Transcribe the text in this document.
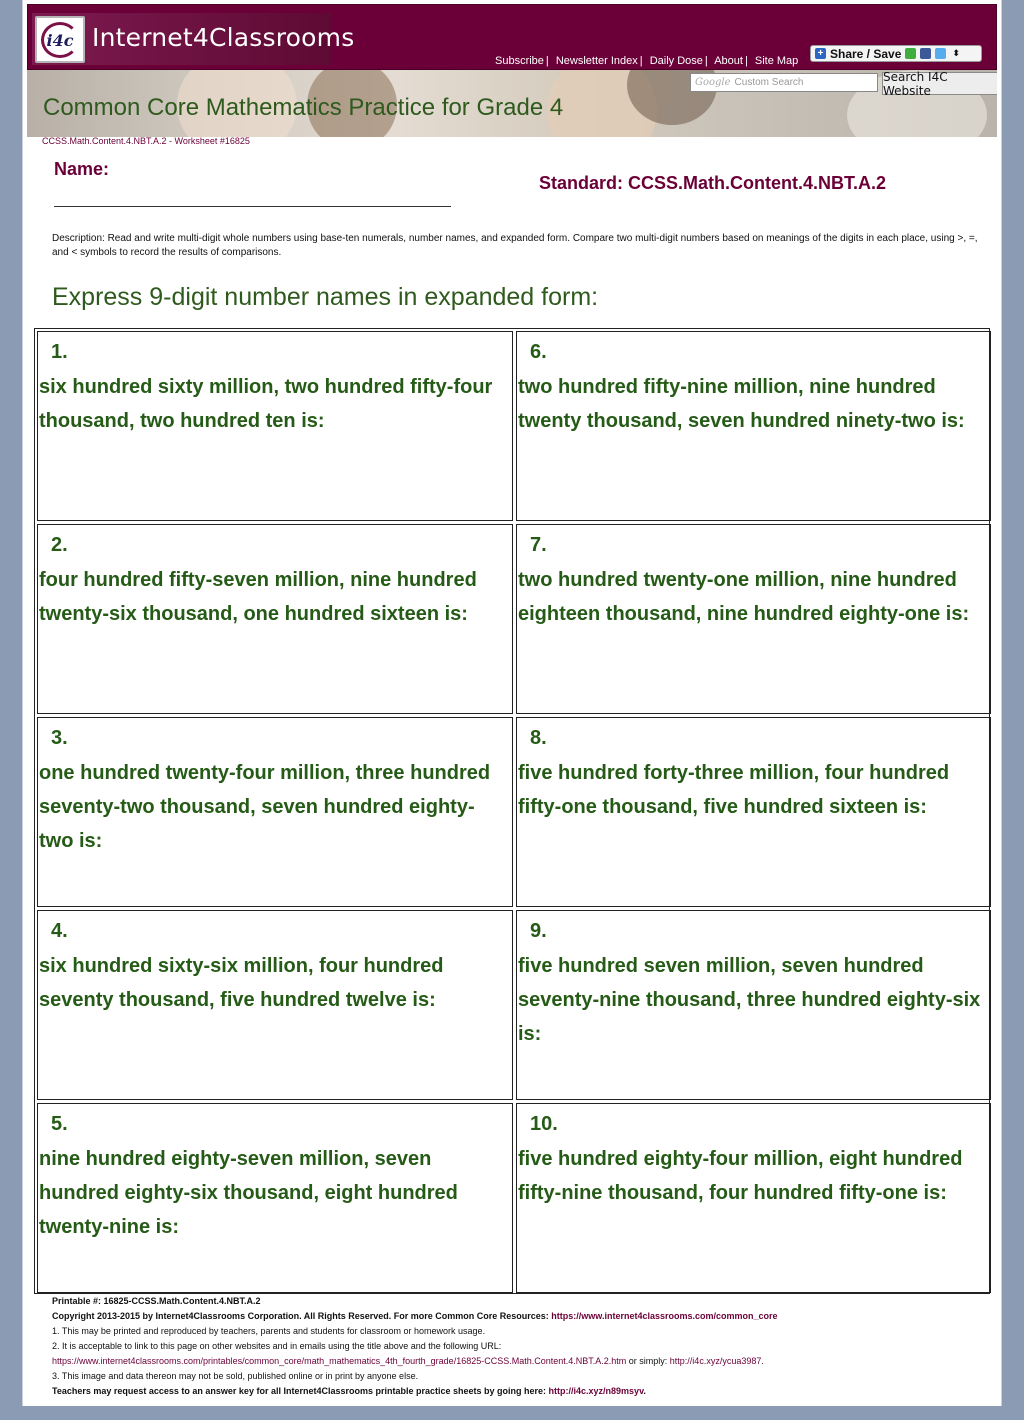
i4c Internet4Classrooms
Subscribe | Newsletter Index | Daily Dose | About | Site Map
+ Share / Save	⬍
Common Core Mathematics Practice for Grade 4
Google Custom Search	Search I4C Website
CCSS.Math.Content.4.NBT.A.2 - Worksheet #16825
Name:
Standard: CCSS.Math.Content.4.NBT.A.2
Description: Read and write multi-digit whole numbers using base-ten numerals, number names, and expanded form. Compare two multi-digit numbers based on meanings of the digits in each place, using >, =, and < symbols to record the results of comparisons.
Express 9-digit number names in expanded form:
1.
six hundred sixty million, two hundred fifty-four thousand, two hundred ten is:
6.
two hundred fifty-nine million, nine hundred twenty thousand, seven hundred ninety-two is:
2.
four hundred fifty-seven million, nine hundred twenty-six thousand, one hundred sixteen is:
7.
two hundred twenty-one million, nine hundred eighteen thousand, nine hundred eighty-one is:
3.
one hundred twenty-four million, three hundred seventy-two thousand, seven hundred eighty-two is:
8.
five hundred forty-three million, four hundred fifty-one thousand, five hundred sixteen is:
4.
six hundred sixty-six million, four hundred seventy thousand, five hundred twelve is:
9.
five hundred seven million, seven hundred seventy-nine thousand, three hundred eighty-six is:
5.
nine hundred eighty-seven million, seven hundred eighty-six thousand, eight hundred twenty-nine is:
10.
five hundred eighty-four million, eight hundred fifty-nine thousand, four hundred fifty-one is:
Printable #: 16825-CCSS.Math.Content.4.NBT.A.2
Copyright 2013-2015 by Internet4Classrooms Corporation. All Rights Reserved. For more Common Core Resources: https://www.internet4classrooms.com/common_core
1. This may be printed and reproduced by teachers, parents and students for classroom or homework usage.
2. It is acceptable to link to this page on other websites and in emails using the title above and the following URL:
https://www.internet4classrooms.com/printables/common_core/math_mathematics_4th_fourth_grade/16825-CCSS.Math.Content.4.NBT.A.2.htm or simply: http://i4c.xyz/ycua3987.
3. This image and data thereon may not be sold, published online or in print by anyone else.
Teachers may request access to an answer key for all Internet4Classrooms printable practice sheets by going here: http://i4c.xyz/n89msyv.
